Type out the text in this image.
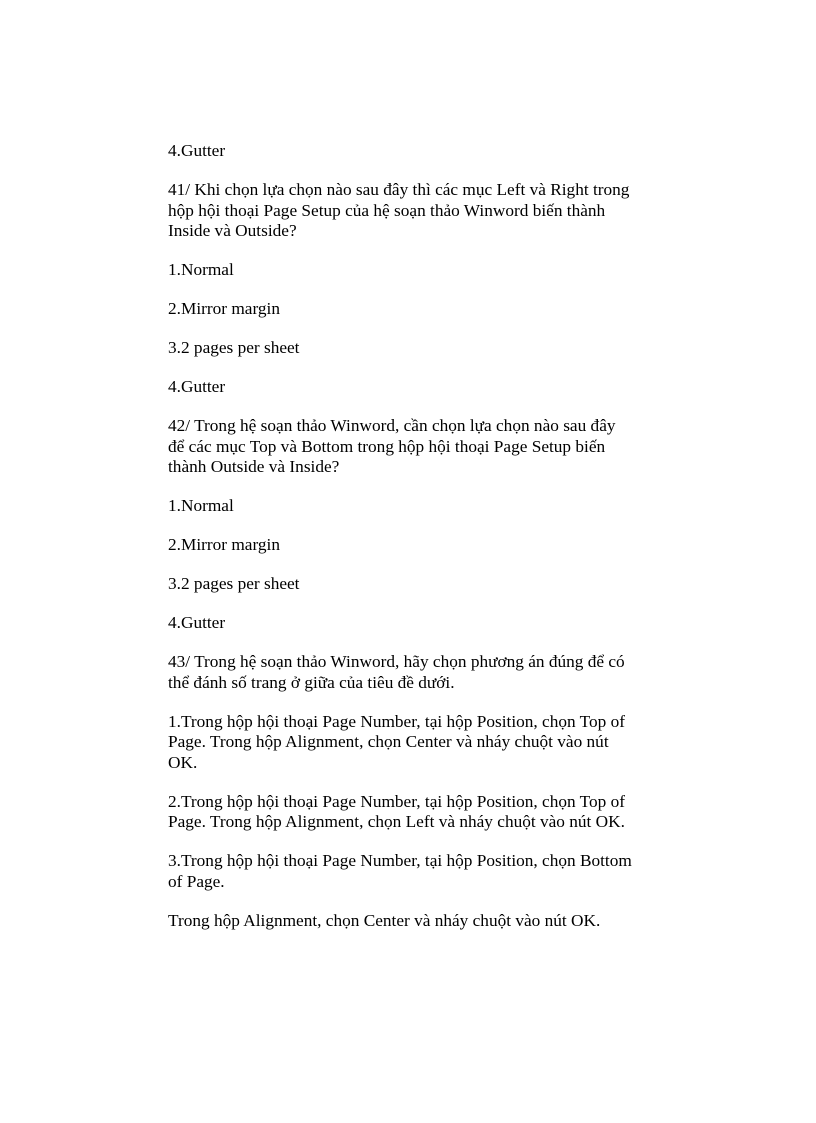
4.Gutter

41/ Khi chọn lựa chọn nào sau đây thì các mục Left và Right trong
hộp hội thoại Page Setup của hệ soạn thảo Winword biến thành
Inside và Outside?

1.Normal

2.Mirror margin

3.2 pages per sheet

4.Gutter

42/ Trong hệ soạn thảo Winword, cần chọn lựa chọn nào sau đây
để các mục Top và Bottom trong hộp hội thoại Page Setup biến
thành Outside và Inside?

1.Normal

2.Mirror margin

3.2 pages per sheet

4.Gutter

43/ Trong hệ soạn thảo Winword, hãy chọn phương án đúng để có
thể đánh số trang ở giữa của tiêu đề dưới.

1.Trong hộp hội thoại Page Number, tại hộp Position, chọn Top of
Page. Trong hộp Alignment, chọn Center và nháy chuột vào nút
OK.

2.Trong hộp hội thoại Page Number, tại hộp Position, chọn Top of
Page. Trong hộp Alignment, chọn Left và nháy chuột vào nút OK.

3.Trong hộp hội thoại Page Number, tại hộp Position, chọn Bottom
of Page.

Trong hộp Alignment, chọn Center và nháy chuột vào nút OK.
